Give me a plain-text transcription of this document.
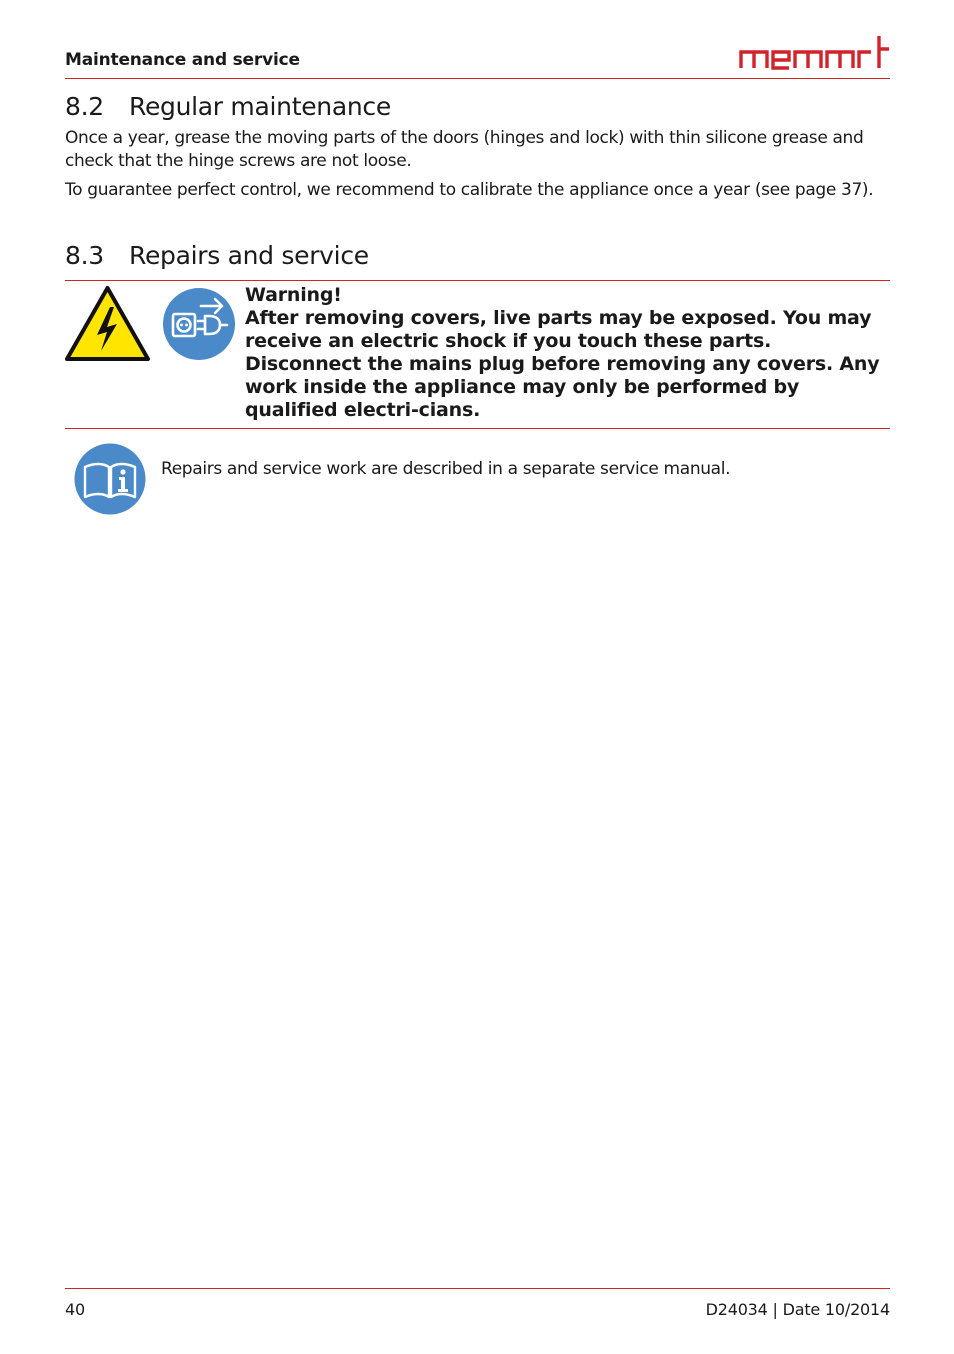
Maintenance and service
8.2 Regular maintenance

Once a year, grease the moving parts of the doors (hinges and lock) with thin silicone grease and check that the hinge screws are not loose.

To guarantee perfect control, we recommend to calibrate the appliance once a year (see page 37).

8.3 Repairs and service
Warning!
After removing covers, live parts may be exposed. You may receive an electric shock if you touch these parts. Disconnect the mains plug before removing any covers. Any work inside the appliance may only be performed by qualified electri-cians.
Repairs and service work are described in a separate service manual.
40	D24034 | Date 10/2014
